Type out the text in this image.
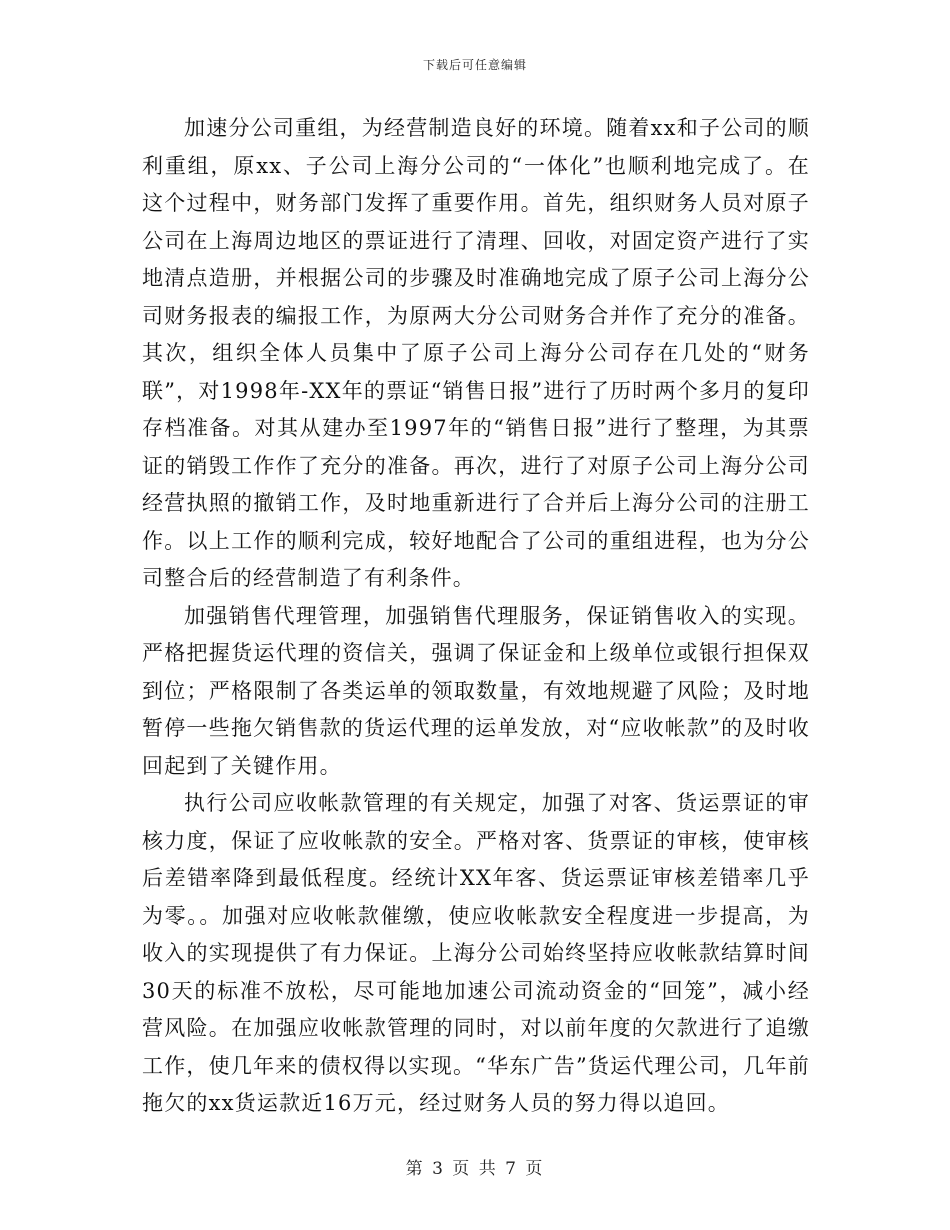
下载后可任意编辑

加速分公司重组，为经营制造良好的环境。随着xx和子公司的顺利重组，原xx、子公司上海分公司的“一体化”也顺利地完成了。在这个过程中，财务部门发挥了重要作用。首先，组织财务人员对原子公司在上海周边地区的票证进行了清理、回收，对固定资产进行了实地清点造册，并根据公司的步骤及时准确地完成了原子公司上海分公司财务报表的编报工作，为原两大分公司财务合并作了充分的准备。其次，组织全体人员集中了原子公司上海分公司存在几处的“财务联”，对1998年-XX年的票证“销售日报”进行了历时两个多月的复印存档准备。对其从建办至1997年的“销售日报”进行了整理，为其票证的销毁工作作了充分的准备。再次，进行了对原子公司上海分公司经营执照的撤销工作，及时地重新进行了合并后上海分公司的注册工作。以上工作的顺利完成，较好地配合了公司的重组进程，也为分公司整合后的经营制造了有利条件。

加强销售代理管理，加强销售代理服务，保证销售收入的实现。严格把握货运代理的资信关，强调了保证金和上级单位或银行担保双到位；严格限制了各类运单的领取数量，有效地规避了风险；及时地暂停一些拖欠销售款的货运代理的运单发放，对“应收帐款”的及时收回起到了关键作用。

执行公司应收帐款管理的有关规定，加强了对客、货运票证的审核力度，保证了应收帐款的安全。严格对客、货票证的审核，使审核后差错率降到最低程度。经统计XX年客、货运票证审核差错率几乎为零。。加强对应收帐款催缴，使应收帐款安全程度进一步提高，为收入的实现提供了有力保证。上海分公司始终坚持应收帐款结算时间30天的标准不放松，尽可能地加速公司流动资金的“回笼”，减小经营风险。在加强应收帐款管理的同时，对以前年度的欠款进行了追缴工作，使几年来的债权得以实现。“华东广告”货运代理公司，几年前拖欠的xx货运款近16万元，经过财务人员的努力得以追回。

第 3 页 共 7 页
